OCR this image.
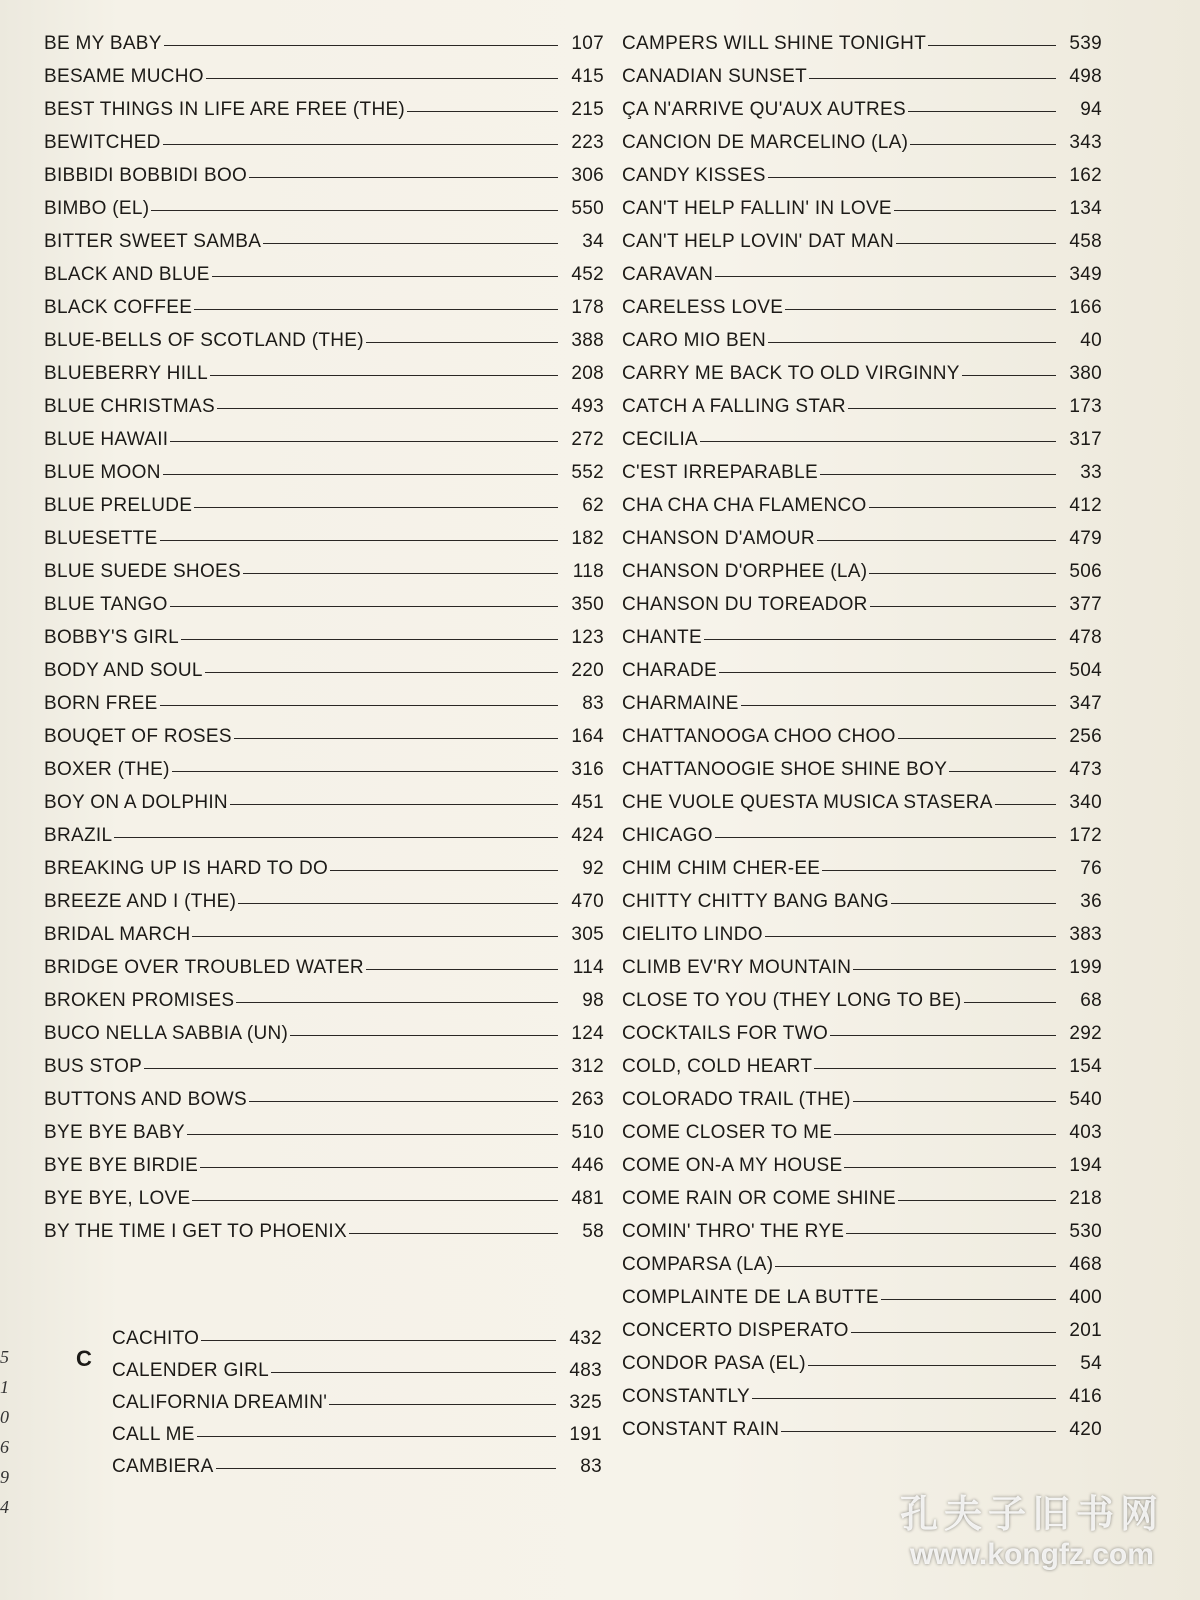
BE MY BABY	107
BESAME MUCHO	415
BEST THINGS IN LIFE ARE FREE (THE)	215
BEWITCHED	223
BIBBIDI BOBBIDI BOO	306
BIMBO (EL)	550
BITTER SWEET SAMBA	34
BLACK AND BLUE	452
BLACK COFFEE	178
BLUE-BELLS OF SCOTLAND (THE)	388
BLUEBERRY HILL	208
BLUE CHRISTMAS	493
BLUE HAWAII	272
BLUE MOON	552
BLUE PRELUDE	62
BLUESETTE	182
BLUE SUEDE SHOES	118
BLUE TANGO	350
BOBBY'S GIRL	123
BODY AND SOUL	220
BORN FREE	83
BOUQET OF ROSES	164
BOXER (THE)	316
BOY ON A DOLPHIN	451
BRAZIL	424
BREAKING UP IS HARD TO DO	92
BREEZE AND I (THE)	470
BRIDAL MARCH	305
BRIDGE OVER TROUBLED WATER	114
BROKEN PROMISES	98
BUCO NELLA SABBIA (UN)	124
BUS STOP	312
BUTTONS AND BOWS	263
BYE BYE BABY	510
BYE BYE BIRDIE	446
BYE BYE, LOVE	481
BY THE TIME I GET TO PHOENIX	58
C
CACHITO	432
CALENDER GIRL	483
CALIFORNIA DREAMIN'	325
CALL ME	191
CAMBIERA	83
CAMPERS WILL SHINE TONIGHT	539
CANADIAN SUNSET	498
ÇA N'ARRIVE QU'AUX AUTRES	94
CANCION DE MARCELINO (LA)	343
CANDY KISSES	162
CAN'T HELP FALLIN' IN LOVE	134
CAN'T HELP LOVIN' DAT MAN	458
CARAVAN	349
CARELESS LOVE	166
CARO MIO BEN	40
CARRY ME BACK TO OLD VIRGINNY	380
CATCH A FALLING STAR	173
CECILIA	317
C'EST IRREPARABLE	33
CHA CHA CHA FLAMENCO	412
CHANSON D'AMOUR	479
CHANSON D'ORPHEE (LA)	506
CHANSON DU TOREADOR	377
CHANTE	478
CHARADE	504
CHARMAINE	347
CHATTANOOGA CHOO CHOO	256
CHATTANOOGIE SHOE SHINE BOY	473
CHE VUOLE QUESTA MUSICA STASERA	340
CHICAGO	172
CHIM CHIM CHER-EE	76
CHITTY CHITTY BANG BANG	36
CIELITO LINDO	383
CLIMB EV'RY MOUNTAIN	199
CLOSE TO YOU (THEY LONG TO BE)	68
COCKTAILS FOR TWO	292
COLD, COLD HEART	154
COLORADO TRAIL (THE)	540
COME CLOSER TO ME	403
COME ON-A MY HOUSE	194
COME RAIN OR COME SHINE	218
COMIN' THRO' THE RYE	530
COMPARSA (LA)	468
COMPLAINTE DE LA BUTTE	400
CONCERTO DISPERATO	201
CONDOR PASA (EL)	54
CONSTANTLY	416
CONSTANT RAIN	420
5
1
0
6
9
4	孔夫子旧书网
www.kongfz.com
